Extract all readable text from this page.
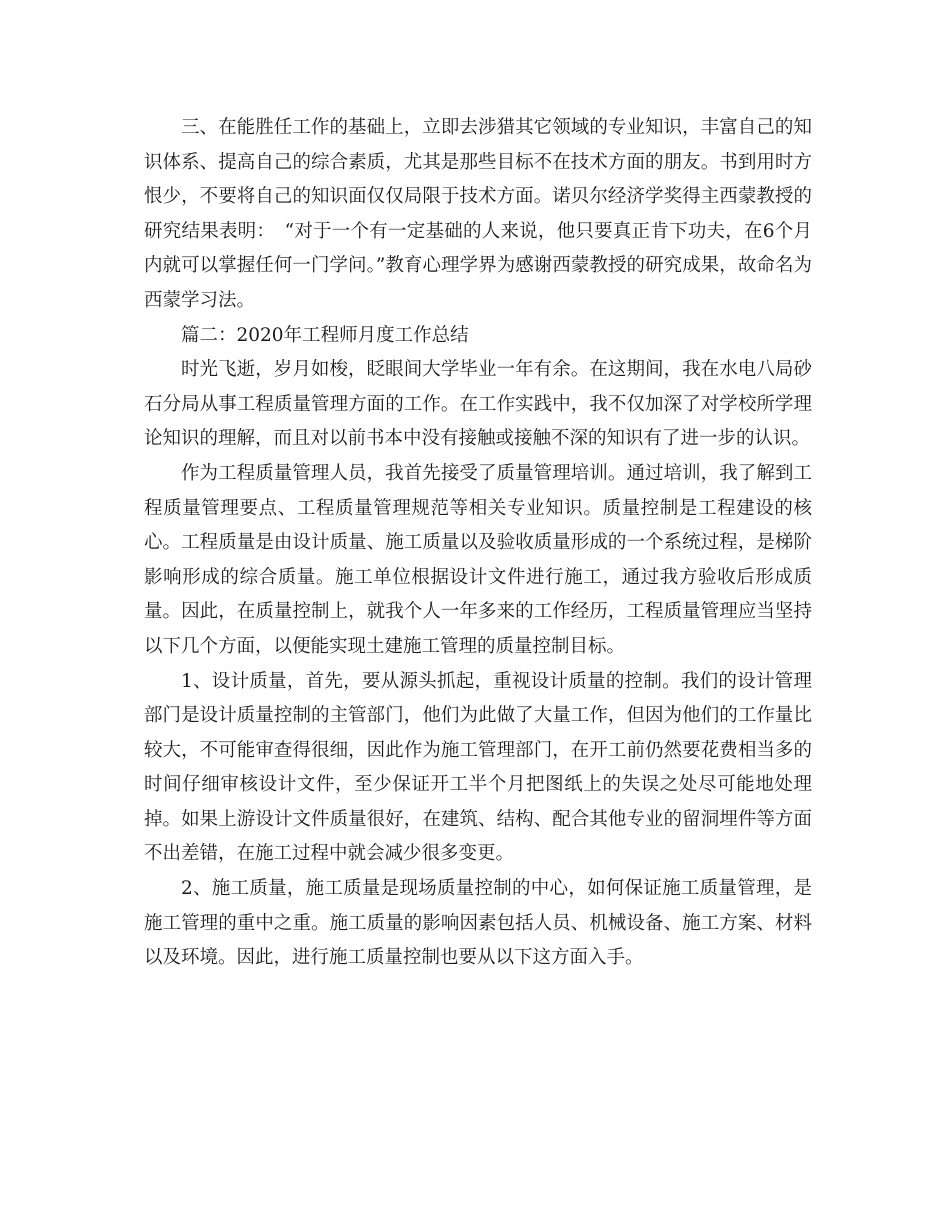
三、在能胜任工作的基础上，立即去涉猎其它领域的专业知识，丰富自己的知识体系、提高自己的综合素质，尤其是那些目标不在技术方面的朋友。书到用时方恨少，不要将自己的知识面仅仅局限于技术方面。诺贝尔经济学奖得主西蒙教授的研究结果表明：　“对于一个有一定基础的人来说，他只要真正肯下功夫，在6个月内就可以掌握任何一门学问。”教育心理学界为感谢西蒙教授的研究成果，故命名为西蒙学习法。

篇二：2020年工程师月度工作总结

时光飞逝，岁月如梭，眨眼间大学毕业一年有余。在这期间，我在水电八局砂石分局从事工程质量管理方面的工作。在工作实践中，我不仅加深了对学校所学理论知识的理解，而且对以前书本中没有接触或接触不深的知识有了进一步的认识。

作为工程质量管理人员，我首先接受了质量管理培训。通过培训，我了解到工程质量管理要点、工程质量管理规范等相关专业知识。质量控制是工程建设的核心。工程质量是由设计质量、施工质量以及验收质量形成的一个系统过程，是梯阶影响形成的综合质量。施工单位根据设计文件进行施工，通过我方验收后形成质量。因此，在质量控制上，就我个人一年多来的工作经历，工程质量管理应当坚持以下几个方面，以便能实现土建施工管理的质量控制目标。

1、设计质量，首先，要从源头抓起，重视设计质量的控制。我们的设计管理部门是设计质量控制的主管部门，他们为此做了大量工作，但因为他们的工作量比较大，不可能审查得很细，因此作为施工管理部门，在开工前仍然要花费相当多的时间仔细审核设计文件，至少保证开工半个月把图纸上的失误之处尽可能地处理掉。如果上游设计文件质量很好，在建筑、结构、配合其他专业的留洞埋件等方面不出差错，在施工过程中就会减少很多变更。

2、施工质量，施工质量是现场质量控制的中心，如何保证施工质量管理，是施工管理的重中之重。施工质量的影响因素包括人员、机械设备、施工方案、材料以及环境。因此，进行施工质量控制也要从以下这方面入手。
